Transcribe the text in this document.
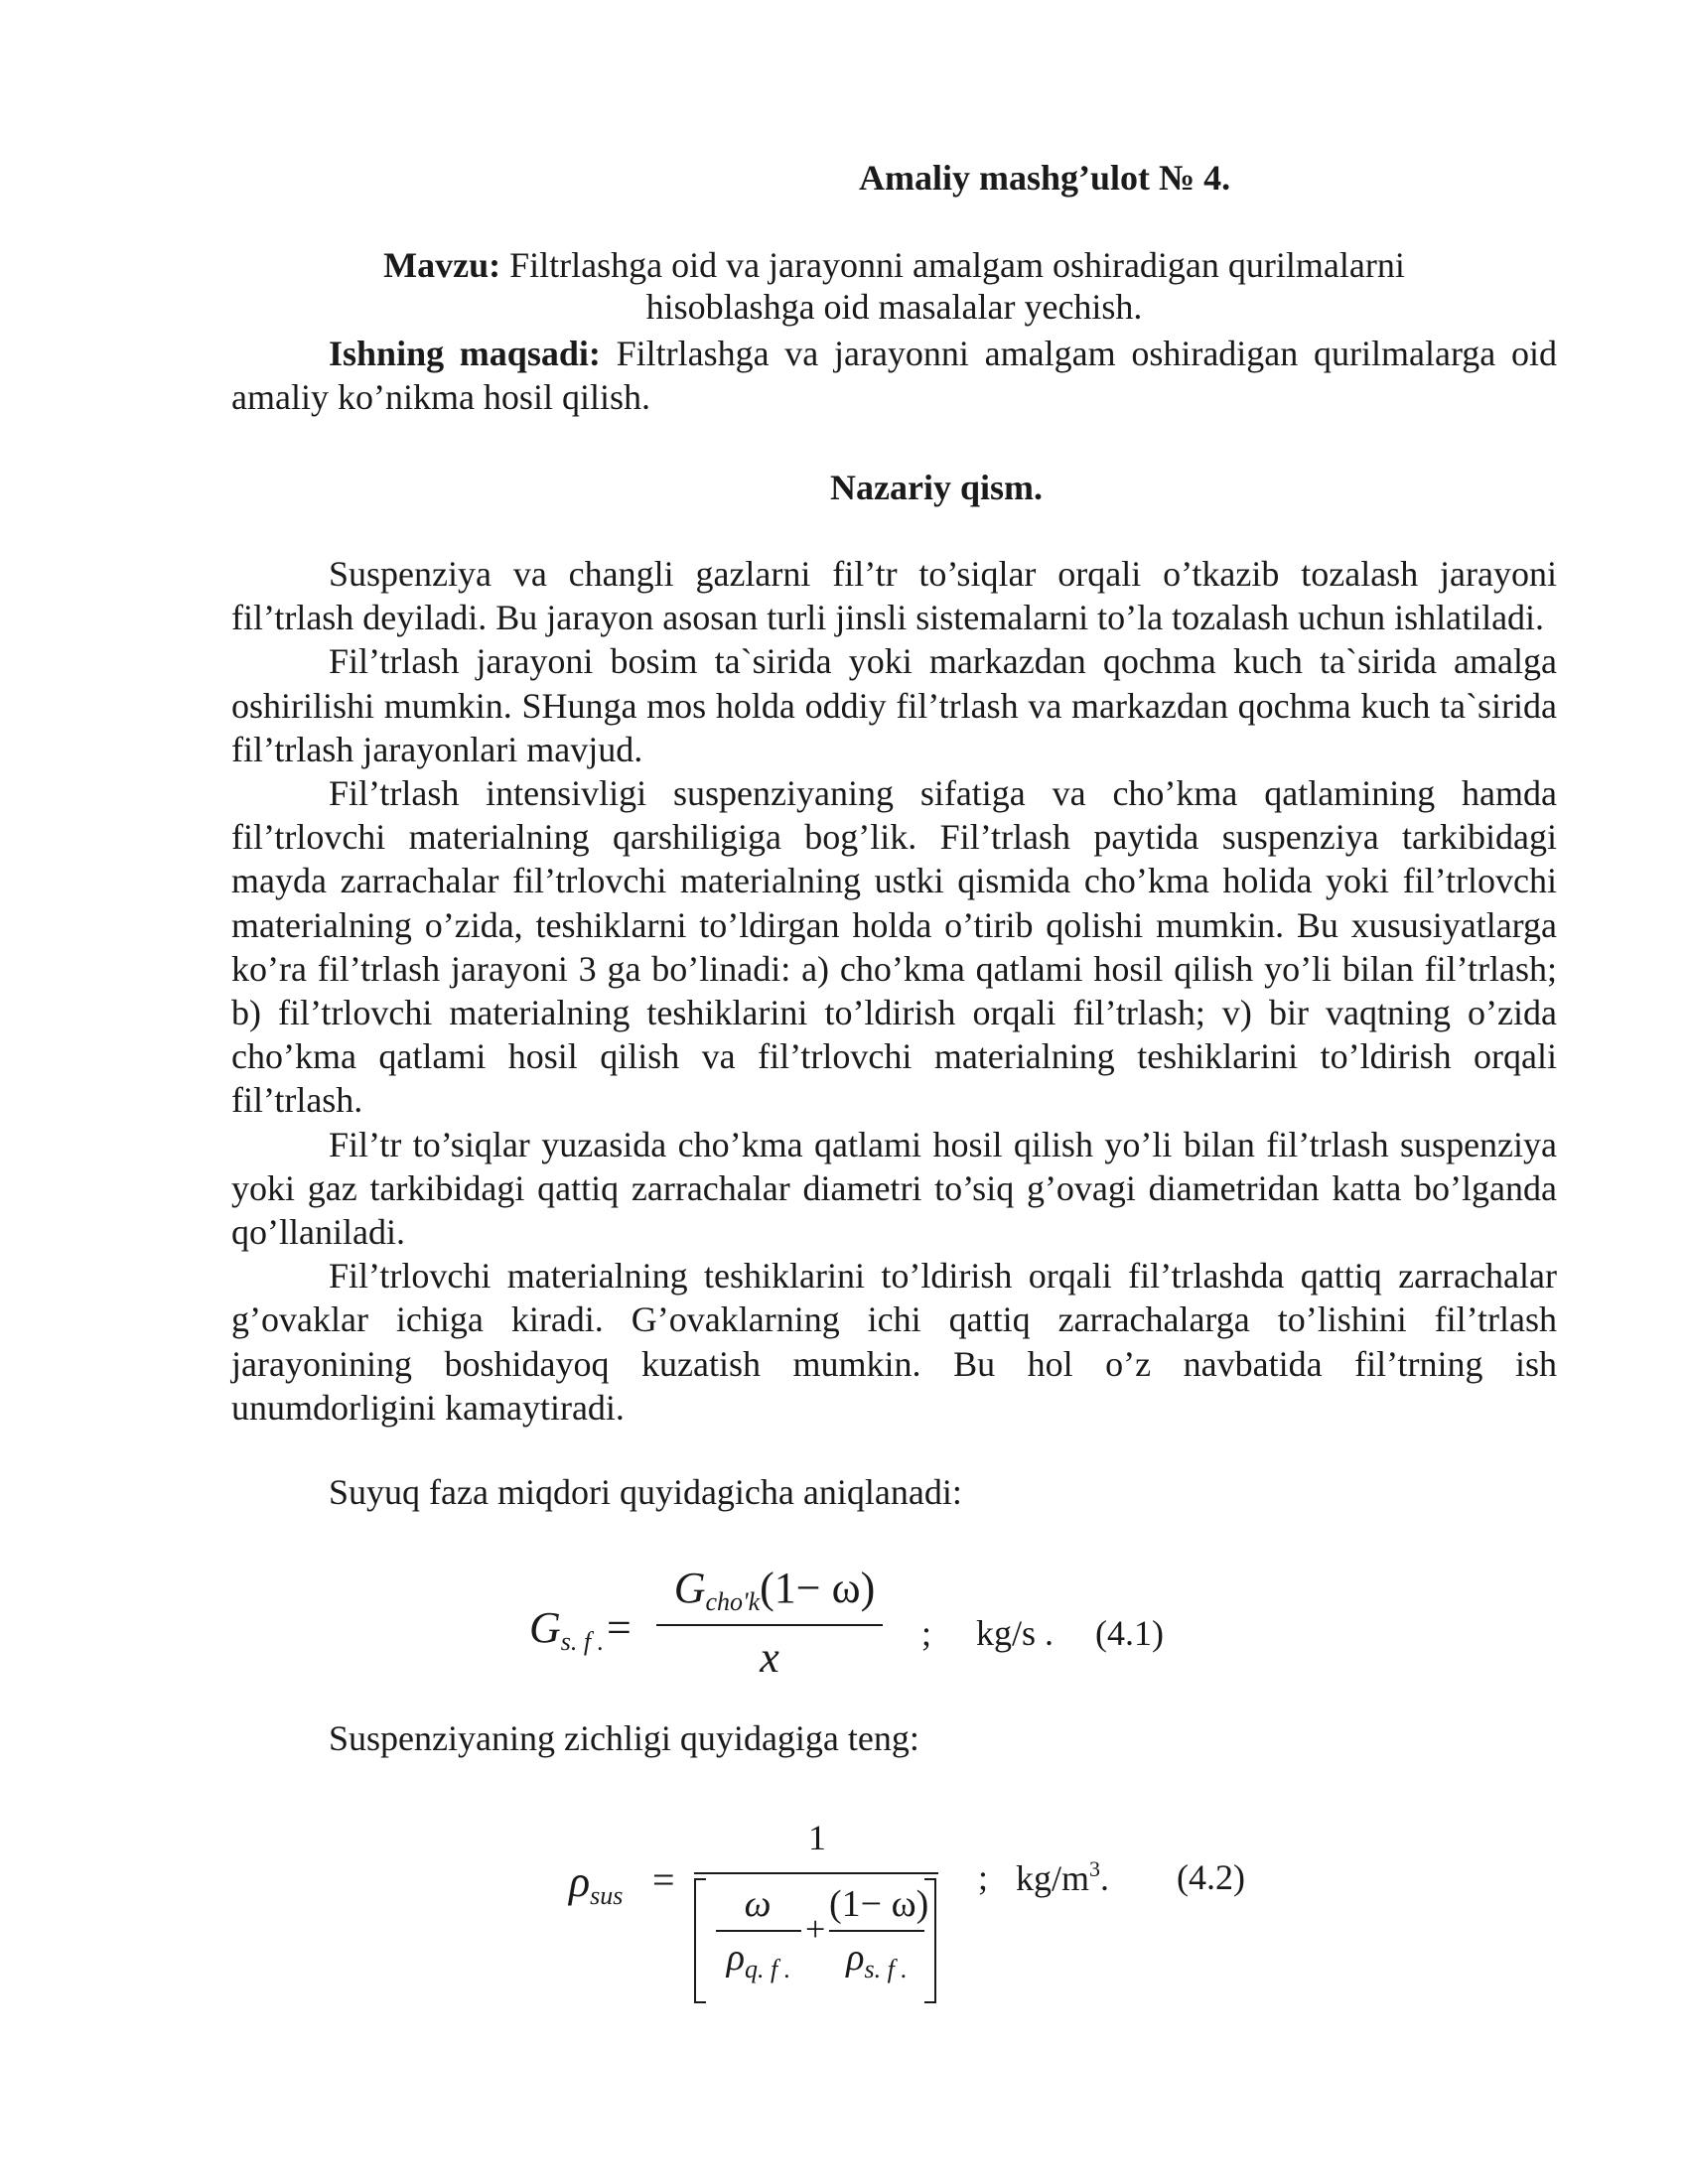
Amaliy mashg’ulot № 4.
Mavzu: Filtrlashga oid va jarayonni amalgam oshiradigan qurilmalarni
hisoblashga oid masalalar yechish.
Ishning maqsadi: Filtrlashga va jarayonni amalgam oshiradigan qurilmalarga oid amaliy ko’nikma hosil qilish.
Nazariy qism.

Suspenziya va changli gazlarni fil’tr to’siqlar orqali o’tkazib tozalash jarayoni fil’trlash deyiladi. Bu jarayon asosan turli jinsli sistemalarni to’la tozalash uchun ishlatiladi.

Fil’trlash jarayoni bosim ta`sirida yoki markazdan qochma kuch ta`sirida amalga oshirilishi mumkin. SHunga mos holda oddiy fil’trlash va markazdan qochma kuch ta`sirida fil’trlash jarayonlari mavjud.

Fil’trlash intensivligi suspenziyaning sifatiga va cho’kma qatlamining hamda fil’trlovchi materialning qarshiligiga bog’lik. Fil’trlash paytida suspenziya tarkibidagi mayda zarrachalar fil’trlovchi materialning ustki qismida cho’kma holida yoki fil’trlovchi materialning o’zida, teshiklarni to’ldirgan holda o’tirib qolishi mumkin. Bu xususiyatlarga ko’ra fil’trlash jarayoni 3 ga bo’linadi: a) cho’kma qatlami hosil qilish yo’li bilan fil’trlash; b) fil’trlovchi materialning teshiklarini to’ldirish orqali fil’trlash; v) bir vaqtning o’zida cho’kma qatlami hosil qilish va fil’trlovchi materialning teshiklarini to’ldirish orqali fil’trlash.

Fil’tr to’siqlar yuzasida cho’kma qatlami hosil qilish yo’li bilan fil’trlash suspenziya yoki gaz tarkibidagi qattiq zarrachalar diametri to’siq g’ovagi diametridan katta bo’lganda qo’llaniladi.

Fil’trlovchi materialning teshiklarini to’ldirish orqali fil’trlashda qattiq zarrachalar g’ovaklar ichiga kiradi. G’ovaklarning ichi qattiq zarrachalarga to’lishini fil’trlash jarayonining boshidayoq kuzatish mumkin. Bu hol o’z navbatida fil’trning ish unumdorligini kamaytiradi.

Suyuq faza miqdori quyidagicha aniqlanadi:
$G_{s. f .}$ =
$G_{cho'k}(1- \omega)$
x	; kg/s . (4.1)
Suspenziyaning zichligi quyidagiga teng:
$\rho_{sus}$ =
1
ω
$\rho_{q. f .}$
+
(1− ω)
$\rho_{s. f .}$
; $kg/m^3$. (4.2)
